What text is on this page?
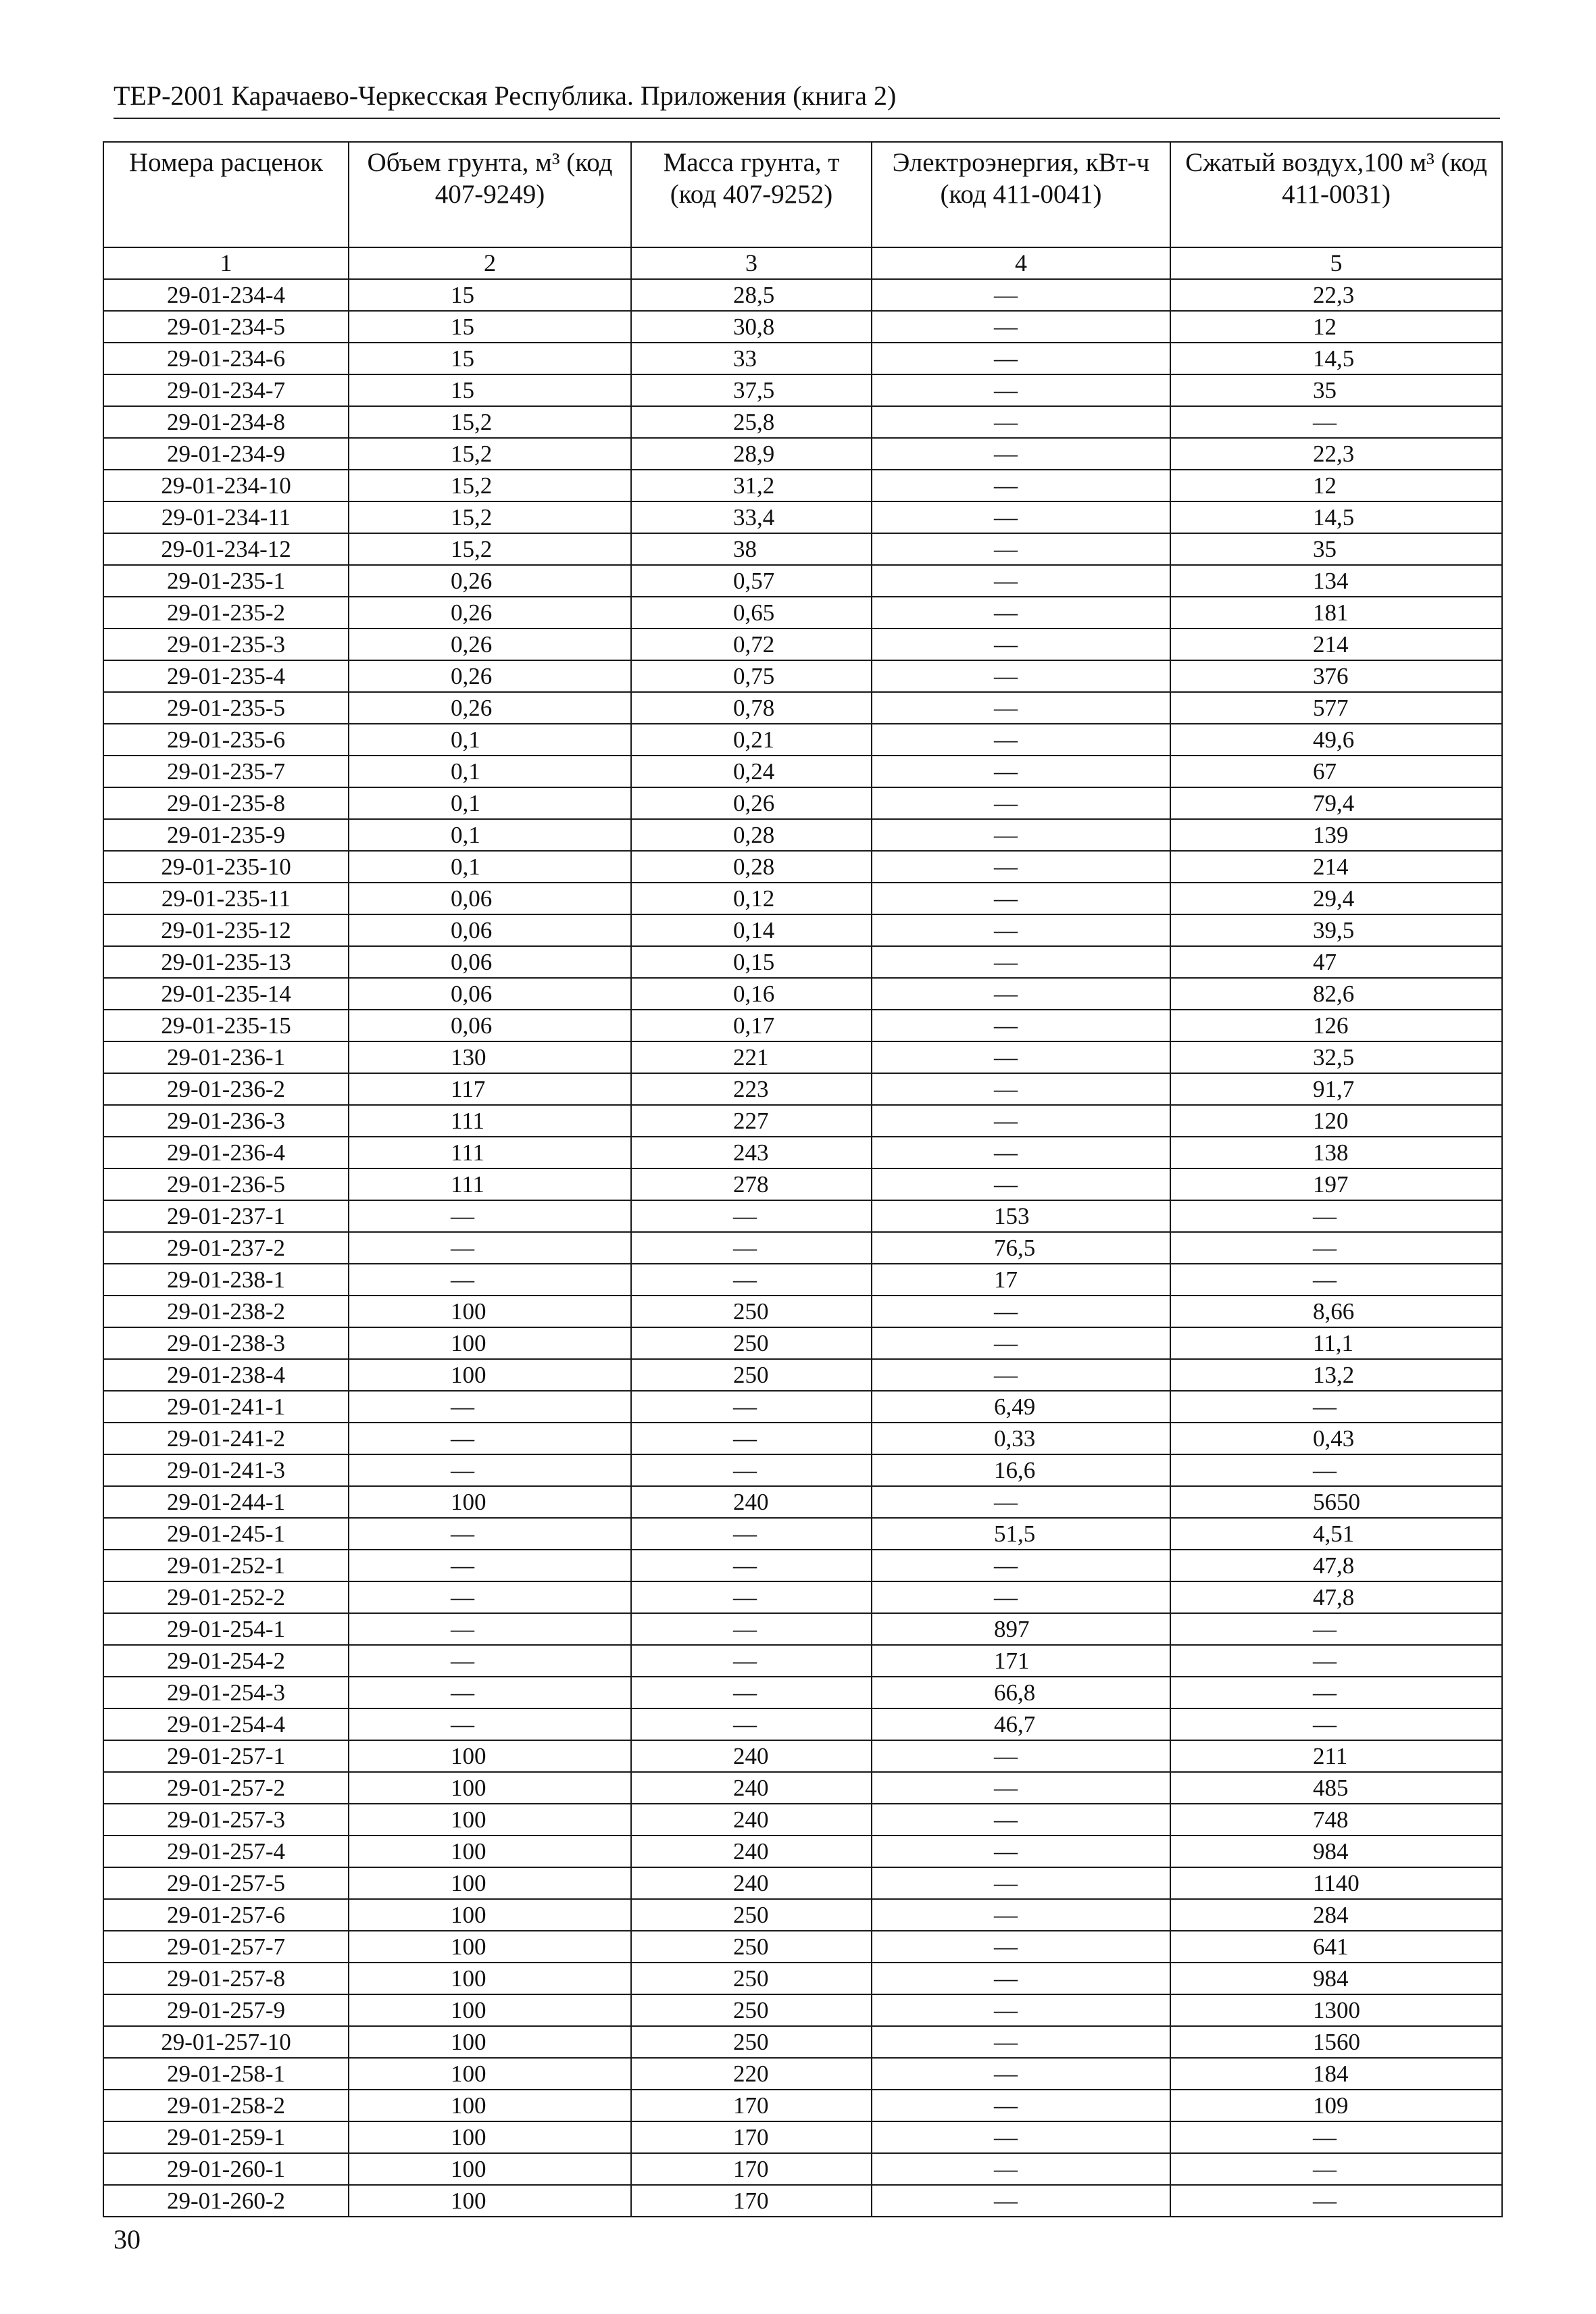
ТЕР-2001 Карачаево-Черкесская Республика. Приложения (книга 2)
Номера расценок	Объем грунта, м³ (код 407-9249)	Масса грунта, т (код 407-9252)	Электроэнергия, кВт-ч (код 411-0041)	Сжатый воздух,100 м³ (код 411-0031)
1	2	3	4	5
29-01-234-4	15	28,5	—	22,3
29-01-234-5	15	30,8	—	12
29-01-234-6	15	33	—	14,5
29-01-234-7	15	37,5	—	35
29-01-234-8	15,2	25,8	—	—
29-01-234-9	15,2	28,9	—	22,3
29-01-234-10	15,2	31,2	—	12
29-01-234-11	15,2	33,4	—	14,5
29-01-234-12	15,2	38	—	35
29-01-235-1	0,26	0,57	—	134
29-01-235-2	0,26	0,65	—	181
29-01-235-3	0,26	0,72	—	214
29-01-235-4	0,26	0,75	—	376
29-01-235-5	0,26	0,78	—	577
29-01-235-6	0,1	0,21	—	49,6
29-01-235-7	0,1	0,24	—	67
29-01-235-8	0,1	0,26	—	79,4
29-01-235-9	0,1	0,28	—	139
29-01-235-10	0,1	0,28	—	214
29-01-235-11	0,06	0,12	—	29,4
29-01-235-12	0,06	0,14	—	39,5
29-01-235-13	0,06	0,15	—	47
29-01-235-14	0,06	0,16	—	82,6
29-01-235-15	0,06	0,17	—	126
29-01-236-1	130	221	—	32,5
29-01-236-2	117	223	—	91,7
29-01-236-3	111	227	—	120
29-01-236-4	111	243	—	138
29-01-236-5	111	278	—	197
29-01-237-1	—	—	153	—
29-01-237-2	—	—	76,5	—
29-01-238-1	—	—	17	—
29-01-238-2	100	250	—	8,66
29-01-238-3	100	250	—	11,1
29-01-238-4	100	250	—	13,2
29-01-241-1	—	—	6,49	—
29-01-241-2	—	—	0,33	0,43
29-01-241-3	—	—	16,6	—
29-01-244-1	100	240	—	5650
29-01-245-1	—	—	51,5	4,51
29-01-252-1	—	—	—	47,8
29-01-252-2	—	—	—	47,8
29-01-254-1	—	—	897	—
29-01-254-2	—	—	171	—
29-01-254-3	—	—	66,8	—
29-01-254-4	—	—	46,7	—
29-01-257-1	100	240	—	211
29-01-257-2	100	240	—	485
29-01-257-3	100	240	—	748
29-01-257-4	100	240	—	984
29-01-257-5	100	240	—	1140
29-01-257-6	100	250	—	284
29-01-257-7	100	250	—	641
29-01-257-8	100	250	—	984
29-01-257-9	100	250	—	1300
29-01-257-10	100	250	—	1560
29-01-258-1	100	220	—	184
29-01-258-2	100	170	—	109
29-01-259-1	100	170	—	—
29-01-260-1	100	170	—	—
29-01-260-2	100	170	—	—
30
